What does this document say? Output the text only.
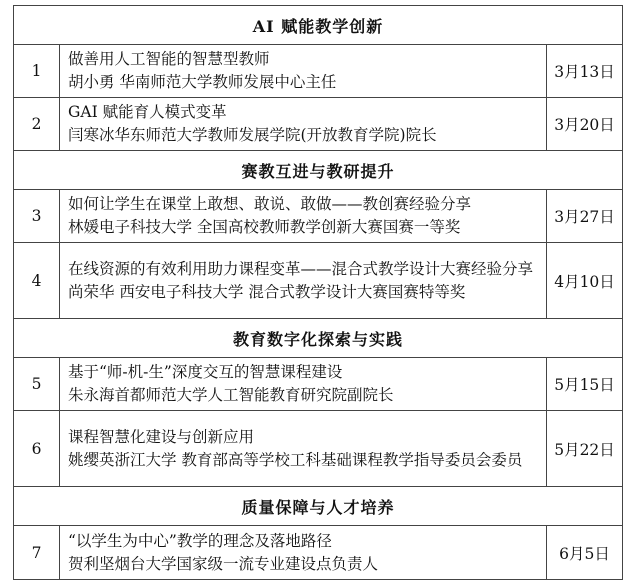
AI 赋能教学创新		
1	做善用人工智能的智慧型教师
胡小勇 华南师范大学教师发展中心主任	3月13日
2	GAI 赋能育人模式变革
闫寒冰华东师范大学教师发展学院(开放教育学院)院长	3月20日
赛教互进与教研提升		
3	如何让学生在课堂上敢想、敢说、敢做——教创赛经验分享
林媛电子科技大学 全国高校教师教学创新大赛国赛一等奖	3月27日
4	在线资源的有效利用助力课程变革——混合式教学设计大赛经验分享
尚荣华 西安电子科技大学 混合式教学设计大赛国赛特等奖	4月10日
教育数字化探索与实践		
5	基于“师-机-生”深度交互的智慧课程建设
朱永海首都师范大学人工智能教育研究院副院长	5月15日
6	课程智慧化建设与创新应用
姚缨英浙江大学 教育部高等学校工科基础课程教学指导委员会委员	5月22日
质量保障与人才培养		
7	“以学生为中心”教学的理念及落地路径
贺利坚烟台大学国家级一流专业建设点负责人	6月5日
